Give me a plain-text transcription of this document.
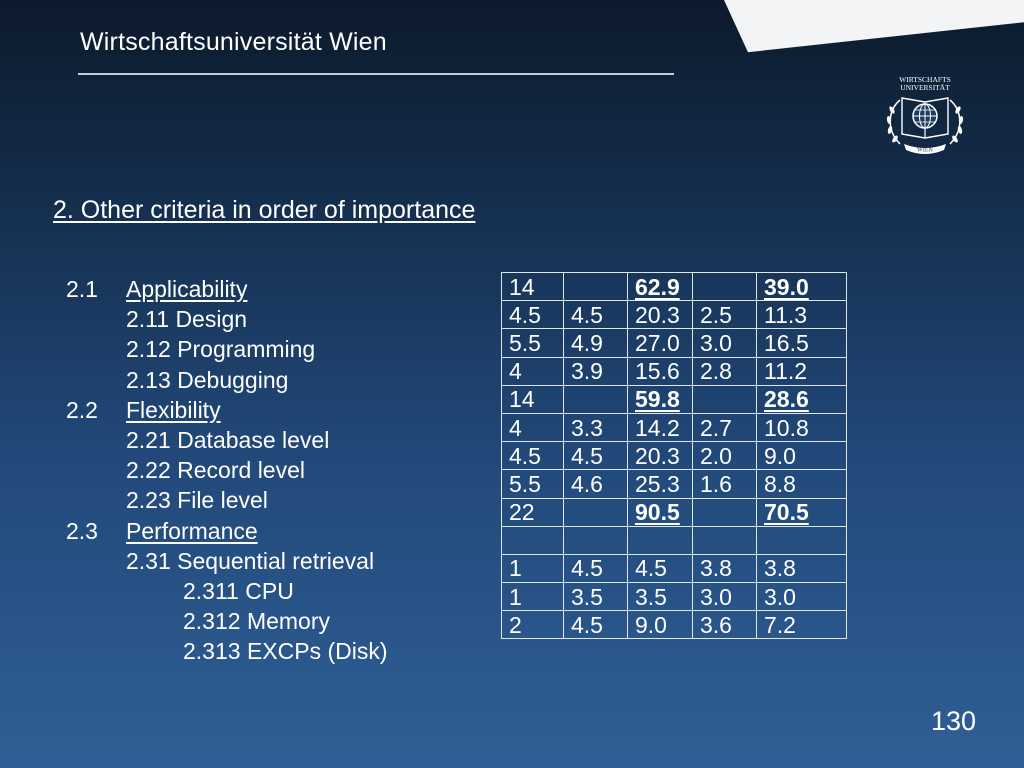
Wirtschaftsuniversität Wien
WIRTSCHAFTS
UNIVERSITÄT
WIEN
2. Other criteria in order of importance
2.1 Applicability
2.11 Design
2.12 Programming
2.13 Debugging
2.2 Flexibility
2.21 Database level
2.22 Record level
2.23 File level
2.3 Performance
2.31 Sequential retrieval
2.311 CPU
2.312 Memory
2.313 EXCPs (Disk)
14		62.9		39.0
4.5	4.5	20.3	2.5	11.3
5.5	4.9	27.0	3.0	16.5
4	3.9	15.6	2.8	11.2
14		59.8		28.6
4	3.3	14.2	2.7	10.8
4.5	4.5	20.3	2.0	9.0
5.5	4.6	25.3	1.6	8.8
22		90.5		70.5

1	4.5	4.5	3.8	3.8
1	3.5	3.5	3.0	3.0
2	4.5	9.0	3.6	7.2
130
